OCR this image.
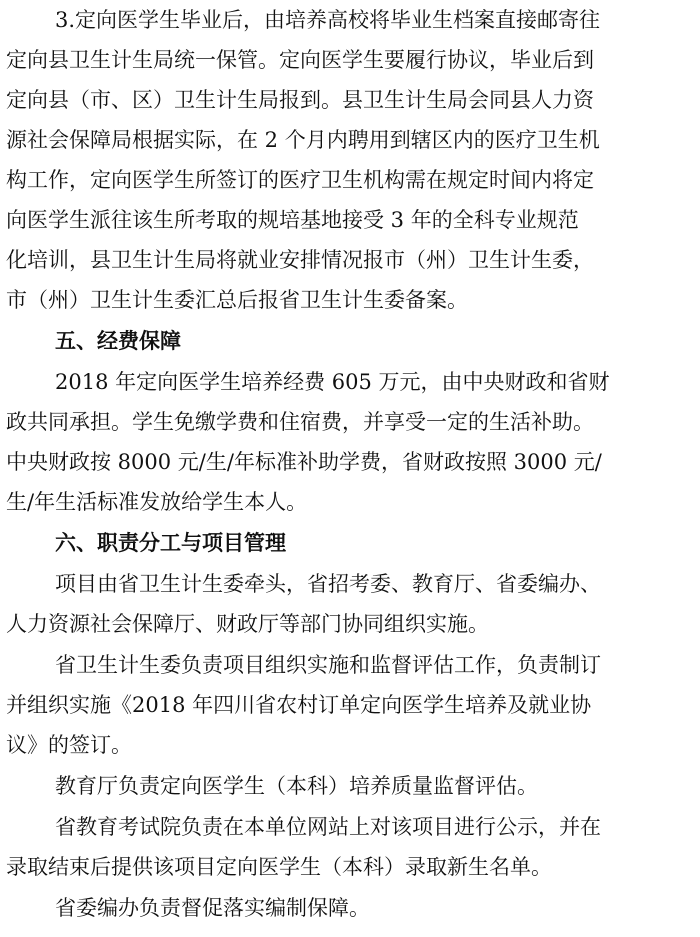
3.定向医学生毕业后，由培养高校将毕业生档案直接邮寄往
定向县卫生计生局统一保管。定向医学生要履行协议，毕业后到
定向县（市、区）卫生计生局报到。县卫生计生局会同县人力资
源社会保障局根据实际，在 2 个月内聘用到辖区内的医疗卫生机
构工作，定向医学生所签订的医疗卫生机构需在规定时间内将定
向医学生派往该生所考取的规培基地接受 3 年的全科专业规范
化培训，县卫生计生局将就业安排情况报市（州）卫生计生委，
市（州）卫生计生委汇总后报省卫生计生委备案。
五、经费保障
2018 年定向医学生培养经费 605 万元，由中央财政和省财
政共同承担。学生免缴学费和住宿费，并享受一定的生活补助。
中央财政按 8000 元/生/年标准补助学费，省财政按照 3000 元/
生/年生活标准发放给学生本人。
六、职责分工与项目管理
项目由省卫生计生委牵头，省招考委、教育厅、省委编办、
人力资源社会保障厅、财政厅等部门协同组织实施。
省卫生计生委负责项目组织实施和监督评估工作，负责制订
并组织实施《2018 年四川省农村订单定向医学生培养及就业协
议》的签订。
教育厅负责定向医学生（本科）培养质量监督评估。
省教育考试院负责在本单位网站上对该项目进行公示，并在
录取结束后提供该项目定向医学生（本科）录取新生名单。
省委编办负责督促落实编制保障。
